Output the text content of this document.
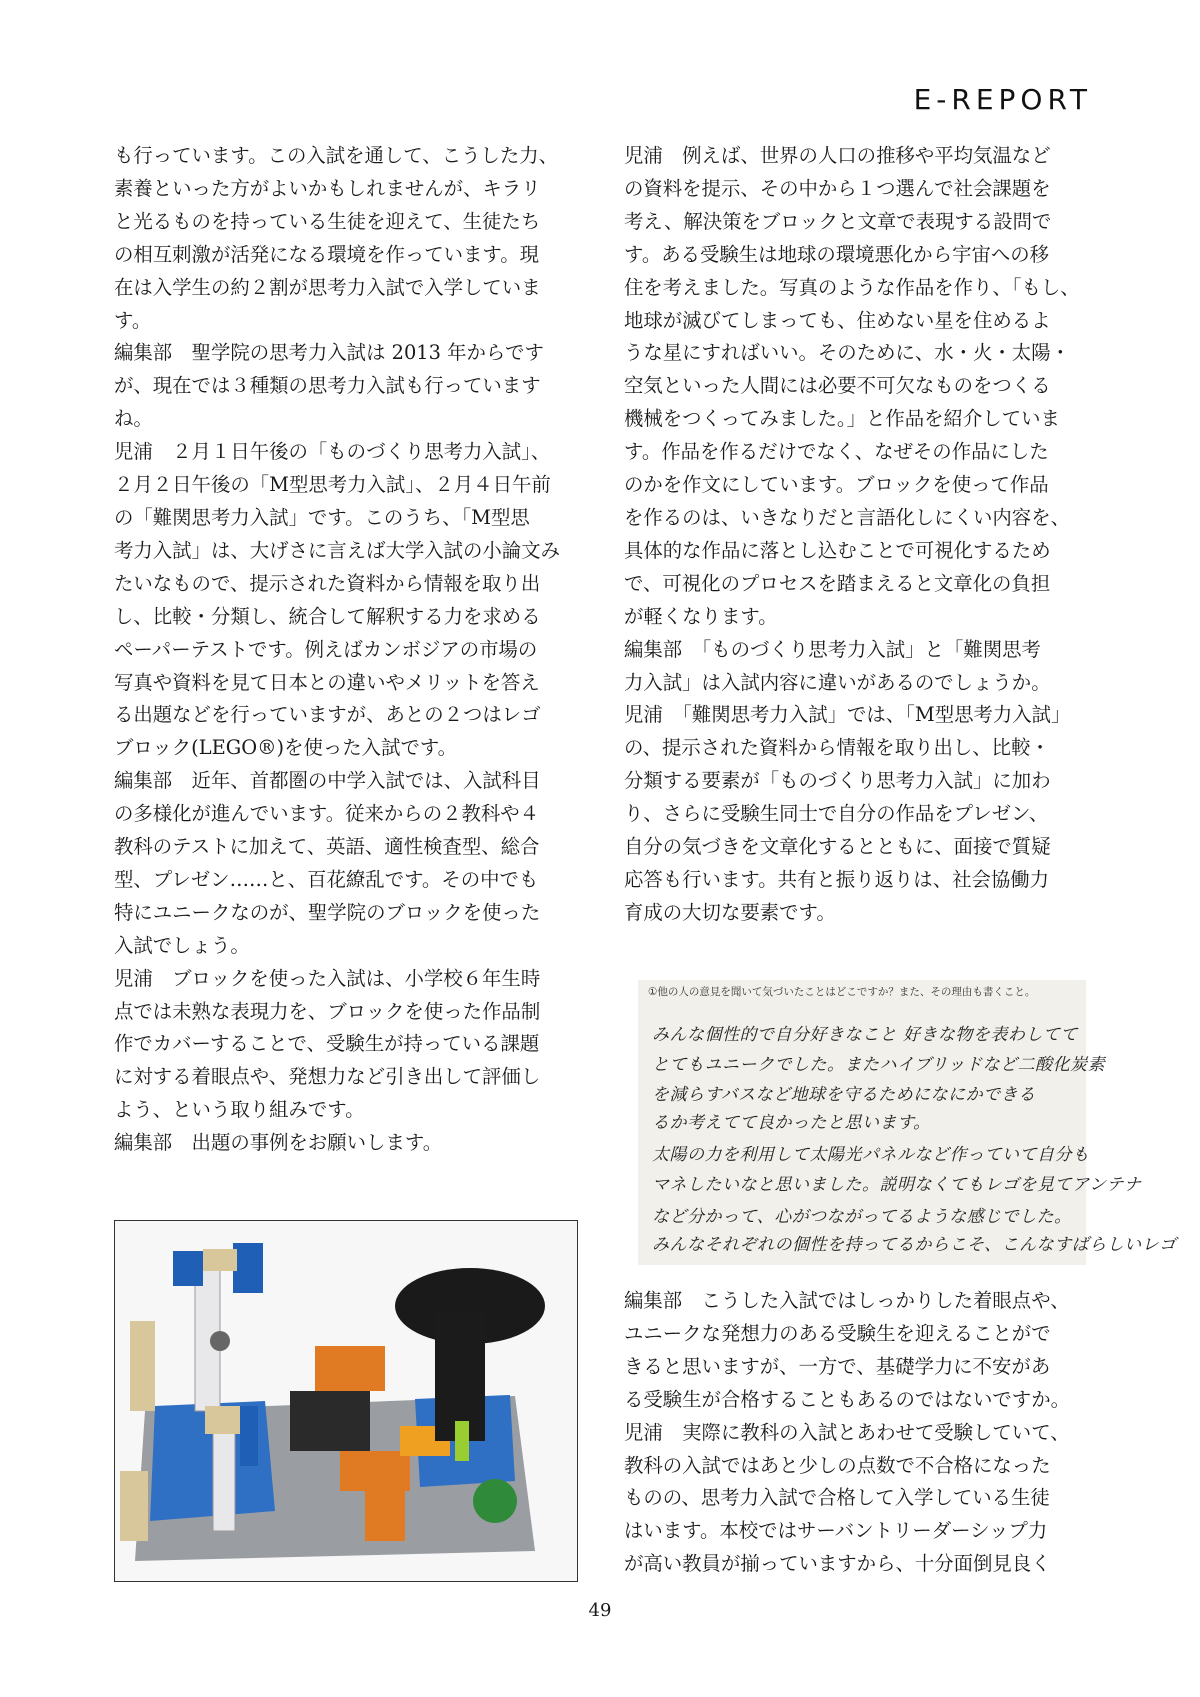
E-REPORT

も行っています。この入試を通して、こうした力、

素養といった方がよいかもしれませんが、キラリ

と光るものを持っている生徒を迎えて、生徒たち

の相互刺激が活発になる環境を作っています。現

在は入学生の約２割が思考力入試で入学していま

す。

編集部　聖学院の思考力入試は 2013 年からです

が、現在では３種類の思考力入試も行っています

ね。

児浦　２月１日午後の「ものづくり思考力入試」、

２月２日午後の「M型思考力入試」、２月４日午前

の「難関思考力入試」です。このうち、「M型思

考力入試」は、大げさに言えば大学入試の小論文み

たいなもので、提示された資料から情報を取り出

し、比較・分類し、統合して解釈する力を求める

ペーパーテストです。例えばカンボジアの市場の

写真や資料を見て日本との違いやメリットを答え

る出題などを行っていますが、あとの２つはレゴ

ブロック(LEGO®)を使った入試です。

編集部　近年、首都圏の中学入試では、入試科目

の多様化が進んでいます。従来からの２教科や４

教科のテストに加えて、英語、適性検査型、総合

型、プレゼン……と、百花繚乱です。その中でも

特にユニークなのが、聖学院のブロックを使った

入試でしょう。

児浦　ブロックを使った入試は、小学校６年生時

点では未熟な表現力を、ブロックを使った作品制

作でカバーすることで、受験生が持っている課題

に対する着眼点や、発想力など引き出して評価し

よう、という取り組みです。

編集部　出題の事例をお願いします。

児浦　例えば、世界の人口の推移や平均気温など

の資料を提示、その中から１つ選んで社会課題を

考え、解決策をブロックと文章で表現する設問で

す。ある受験生は地球の環境悪化から宇宙への移

住を考えました。写真のような作品を作り、「もし、

地球が滅びてしまっても、住めない星を住めるよ

うな星にすればいい。そのために、水・火・太陽・

空気といった人間には必要不可欠なものをつくる

機械をつくってみました。」と作品を紹介していま

す。作品を作るだけでなく、なぜその作品にした

のかを作文にしています。ブロックを使って作品

を作るのは、いきなりだと言語化しにくい内容を、

具体的な作品に落とし込むことで可視化するため

で、可視化のプロセスを踏まえると文章化の負担

が軽くなります。

編集部　「ものづくり思考力入試」と「難関思考

力入試」は入試内容に違いがあるのでしょうか。

児浦　「難関思考力入試」では、「M型思考力入試」

の、提示された資料から情報を取り出し、比較・

分類する要素が「ものづくり思考力入試」に加わ

り、さらに受験生同士で自分の作品をプレゼン、

自分の気づきを文章化するとともに、面接で質疑

応答も行います。共有と振り返りは、社会協働力

育成の大切な要素です。

①他の人の意見を聞いて気づいたことはどこですか？また、その理由も書くこと。
みんな個性的で自分好きなこと 好きな物を表わしてて
とてもユニークでした。またハイブリッドなど二酸化炭素
を減らすバスなど地球を守るためになにかできる
るか考えてて良かったと思います。
太陽の力を利用して太陽光パネルなど作っていて自分も
マネしたいなと思いました。説明なくてもレゴを見てアンテナ
など分かって、心がつながってるような感じでした。
みんなそれぞれの個性を持ってるからこそ、こんなすばらしいレゴ

編集部　こうした入試ではしっかりした着眼点や、

ユニークな発想力のある受験生を迎えることがで

きると思いますが、一方で、基礎学力に不安があ

る受験生が合格することもあるのではないですか。

児浦　実際に教科の入試とあわせて受験していて、

教科の入試ではあと少しの点数で不合格になった

ものの、思考力入試で合格して入学している生徒

はいます。本校ではサーバントリーダーシップ力

が高い教員が揃っていますから、十分面倒見良く

49
